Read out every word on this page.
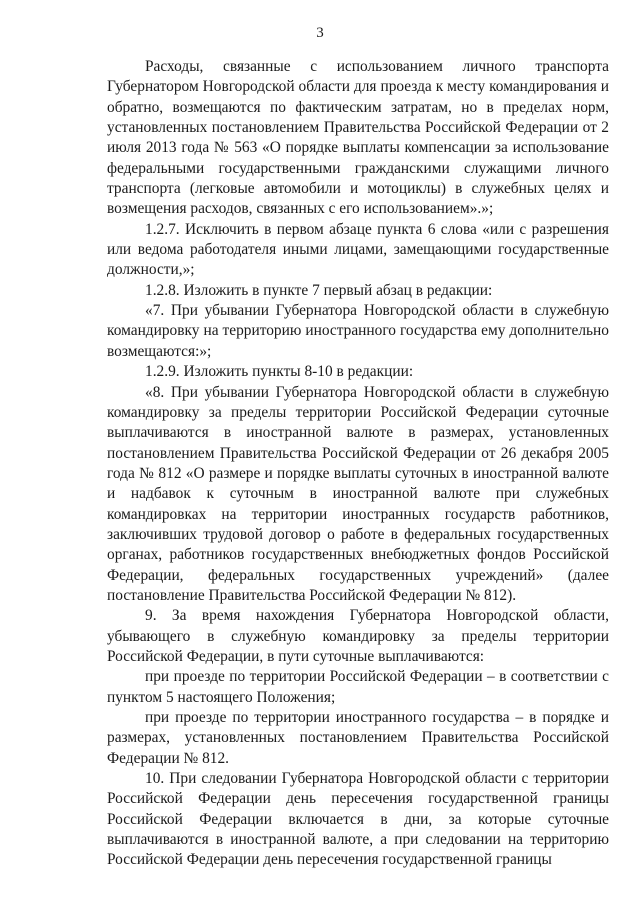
3

Расходы, связанные с использованием личного транспорта Губернатором Новгородской области для проезда к месту командирования и обратно, возмещаются по фактическим затратам, но в пределах норм, установленных постановлением Правительства Российской Федерации от 2 июля 2013 года № 563 «О порядке выплаты компенсации за использование федеральными государственными гражданскими служащими личного транспорта (легковые автомобили и мотоциклы) в служебных целях и возмещения расходов, связанных с его использованием».»;

1.2.7. Исключить в первом абзаце пункта 6 слова «или с разрешения или ведома работодателя иными лицами, замещающими государственные должности,»;

1.2.8. Изложить в пункте 7 первый абзац в редакции:

«7. При убывании Губернатора Новгородской области в служебную командировку на территорию иностранного государства ему дополнительно возмещаются:»;

1.2.9. Изложить пункты 8-10 в редакции:

«8. При убывании Губернатора Новгородской области в служебную командировку за пределы территории Российской Федерации суточные выплачиваются в иностранной валюте в размерах, установленных постановлением Правительства Российской Федерации от 26 декабря 2005 года № 812 «О размере и порядке выплаты суточных в иностранной валюте и надбавок к суточным в иностранной валюте при служебных командировках на территории иностранных государств работников, заключивших трудовой договор о работе в федеральных государственных органах, работников государственных внебюджетных фондов Российской Федерации, федеральных государственных учреждений» (далее постановление Правительства Российской Федерации № 812).

9. За время нахождения Губернатора Новгородской области, убывающего в служебную командировку за пределы территории Российской Федерации, в пути суточные выплачиваются:

при проезде по территории Российской Федерации – в соответствии с пунктом 5 настоящего Положения;

при проезде по территории иностранного государства – в порядке и размерах, установленных постановлением Правительства Российской Федерации № 812.

10. При следовании Губернатора Новгородской области с территории Российской Федерации день пересечения государственной границы Российской Федерации включается в дни, за которые суточные выплачиваются в иностранной валюте, а при следовании на территорию Российской Федерации день пересечения государственной границы
